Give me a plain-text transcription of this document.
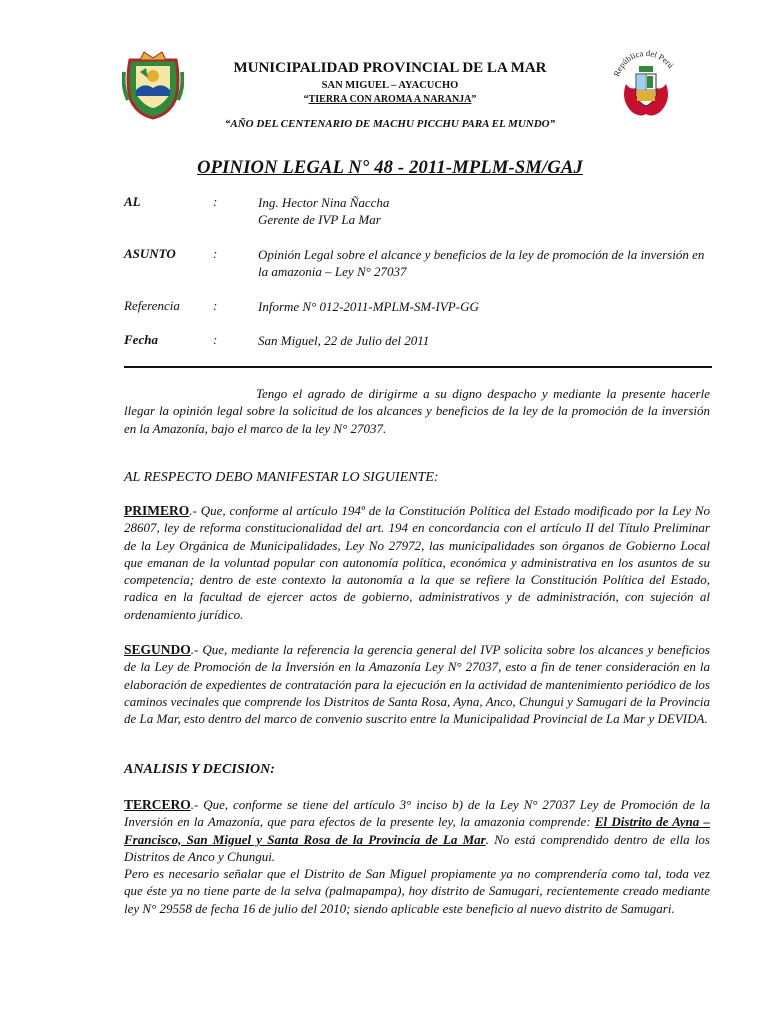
República del Perú
MUNICIPALIDAD PROVINCIAL DE LA MAR
SAN MIGUEL – AYACUCHO
“TIERRA CON AROMA A NARANJA”
“AÑO DEL CENTENARIO DE MACHU PICCHU PARA EL MUNDO”
OPINION LEGAL N° 48 - 2011-MPLM-SM/GAJ
AL	:	Ing. Hector Nina Ñaccha
Gerente de IVP La Mar
ASUNTO	:	Opinión Legal sobre el alcance y beneficios de la ley de promoción de la inversión en la amazonia – Ley N° 27037
Referencia	:	Informe N° 012-2011-MPLM-SM-IVP-GG
Fecha	:	San Miguel, 22 de Julio del 2011
Tengo el agrado de dirigirme a su digno despacho y mediante la presente hacerle llegar la opinión legal sobre la solicitud de los alcances y beneficios de la ley de la promoción de la inversión en la Amazonía, bajo el marco de la ley N° 27037.
AL RESPECTO DEBO MANIFESTAR LO SIGUIENTE:
PRIMERO.- Que, conforme al artículo 194º de la Constitución Política del Estado modificado por la Ley No 28607, ley de reforma constitucionalidad del art. 194 en concordancia con el artículo II del Título Preliminar de la Ley Orgánica de Municipalidades, Ley No 27972, las municipalidades son órganos de Gobierno Local que emanan de la voluntad popular con autonomía política, económica y administrativa en los asuntos de su competencia; dentro de este contexto la autonomía a la que se refiere la Constitución Política del Estado, radica en la facultad de ejercer actos de gobierno, administrativos y de administración, con sujeción al ordenamiento jurídico.
SEGUNDO.- Que, mediante la referencia la gerencia general del IVP solicita sobre los alcances y beneficios de la Ley de Promoción de la Inversión en la Amazonía Ley N° 27037, esto a fin de tener consideración en la elaboración de expedientes de contratación para la ejecución en la actividad de mantenimiento periódico de los caminos vecinales que comprende los Distritos de Santa Rosa, Ayna, Anco, Chungui y Samugari de la Provincia de La Mar, esto dentro del marco de convenio suscrito entre la Municipalidad Provincial de La Mar y DEVIDA.
ANALISIS Y DECISION:
TERCERO.- Que, conforme se tiene del artículo 3° inciso b) de la Ley N° 27037 Ley de Promoción de la Inversión en la Amazonía, que para efectos de la presente ley, la amazonia comprende: El Distrito de Ayna – Francisco, San Miguel y Santa Rosa de la Provincia de La Mar. No está comprendido dentro de ella los Distritos de Anco y Chungui.
Pero es necesario señalar que el Distrito de San Miguel propiamente ya no comprendería como tal, toda vez que éste ya no tiene parte de la selva (palmapampa), hoy distrito de Samugari, recientemente creado mediante ley N° 29558 de fecha 16 de julio del 2010; siendo aplicable este beneficio al nuevo distrito de Samugari.
